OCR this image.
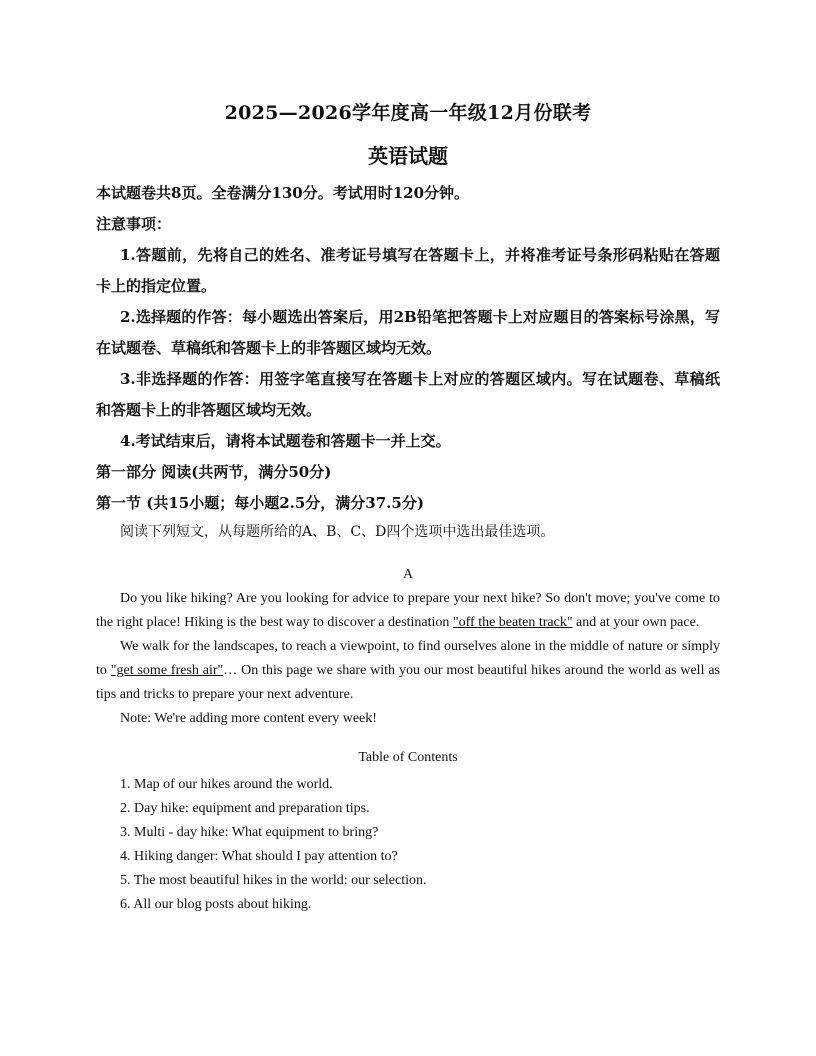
2025—2026学年度高一年级12月份联考
英语试题

本试题卷共8页。全卷满分130分。考试用时120分钟。

注意事项：

1.答题前，先将自己的姓名、准考证号填写在答题卡上，并将准考证号条形码粘贴在答题卡上的指定位置。

2.选择题的作答：每小题选出答案后，用2B铅笔把答题卡上对应题目的答案标号涂黑，写在试题卷、草稿纸和答题卡上的非答题区域均无效。

3.非选择题的作答：用签字笔直接写在答题卡上对应的答题区域内。写在试题卷、草稿纸和答题卡上的非答题区域均无效。

4.考试结束后，请将本试题卷和答题卡一并上交。

第一部分 阅读(共两节，满分50分)

第一节 (共15小题；每小题2.5分，满分37.5分)

阅读下列短文，从每题所给的A、B、C、D四个选项中选出最佳选项。

A

Do you like hiking? Are you looking for advice to prepare your next hike? So don't move; you've come to the right place! Hiking is the best way to discover a destination "off the beaten track" and at your own pace.

We walk for the landscapes, to reach a viewpoint, to find ourselves alone in the middle of nature or simply to "get some fresh air"… On this page we share with you our most beautiful hikes around the world as well as tips and tricks to prepare your next adventure.

Note: We're adding more content every week!

Table of Contents

1. Map of our hikes around the world.

2. Day hike: equipment and preparation tips.

3. Multi - day hike: What equipment to bring?

4. Hiking danger: What should I pay attention to?

5. The most beautiful hikes in the world: our selection.

6. All our blog posts about hiking.
